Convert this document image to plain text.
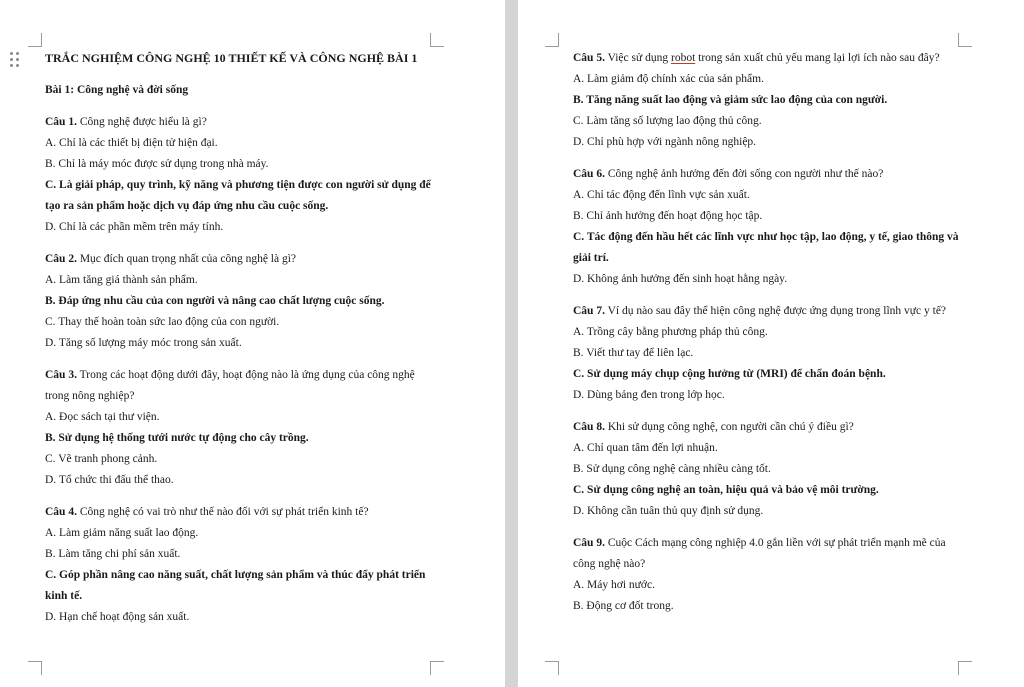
TRẮC NGHIỆM CÔNG NGHỆ 10 THIẾT KẾ VÀ CÔNG NGHỆ BÀI 1
Bài 1: Công nghệ và đời sống
Câu 1. Công nghệ được hiểu là gì?
A. Chỉ là các thiết bị điện tử hiện đại.
B. Chỉ là máy móc được sử dụng trong nhà máy.
C. Là giải pháp, quy trình, kỹ năng và phương tiện được con người sử dụng để tạo ra sản phẩm hoặc dịch vụ đáp ứng nhu cầu cuộc sống.
D. Chỉ là các phần mềm trên máy tính.
Câu 2. Mục đích quan trọng nhất của công nghệ là gì?
A. Làm tăng giá thành sản phẩm.
B. Đáp ứng nhu cầu của con người và nâng cao chất lượng cuộc sống.
C. Thay thế hoàn toàn sức lao động của con người.
D. Tăng số lượng máy móc trong sản xuất.
Câu 3. Trong các hoạt động dưới đây, hoạt động nào là ứng dụng của công nghệ trong nông nghiệp?
A. Đọc sách tại thư viện.
B. Sử dụng hệ thống tưới nước tự động cho cây trồng.
C. Vẽ tranh phong cảnh.
D. Tổ chức thi đấu thể thao.
Câu 4. Công nghệ có vai trò như thế nào đối với sự phát triển kinh tế?
A. Làm giảm năng suất lao động.
B. Làm tăng chi phí sản xuất.
C. Góp phần nâng cao năng suất, chất lượng sản phẩm và thúc đẩy phát triển kinh tế.
D. Hạn chế hoạt động sản xuất.
Câu 5. Việc sử dụng robot trong sản xuất chủ yếu mang lại lợi ích nào sau đây?
A. Làm giảm độ chính xác của sản phẩm.
B. Tăng năng suất lao động và giảm sức lao động của con người.
C. Làm tăng số lượng lao động thủ công.
D. Chỉ phù hợp với ngành nông nghiệp.
Câu 6. Công nghệ ảnh hưởng đến đời sống con người như thế nào?
A. Chỉ tác động đến lĩnh vực sản xuất.
B. Chỉ ảnh hưởng đến hoạt động học tập.
C. Tác động đến hầu hết các lĩnh vực như học tập, lao động, y tế, giao thông và giải trí.
D. Không ảnh hưởng đến sinh hoạt hằng ngày.
Câu 7. Ví dụ nào sau đây thể hiện công nghệ được ứng dụng trong lĩnh vực y tế?
A. Trồng cây bằng phương pháp thủ công.
B. Viết thư tay để liên lạc.
C. Sử dụng máy chụp cộng hưởng từ (MRI) để chẩn đoán bệnh.
D. Dùng bảng đen trong lớp học.
Câu 8. Khi sử dụng công nghệ, con người cần chú ý điều gì?
A. Chỉ quan tâm đến lợi nhuận.
B. Sử dụng công nghệ càng nhiều càng tốt.
C. Sử dụng công nghệ an toàn, hiệu quả và bảo vệ môi trường.
D. Không cần tuân thủ quy định sử dụng.
Câu 9. Cuộc Cách mạng công nghiệp 4.0 gắn liền với sự phát triển mạnh mẽ của công nghệ nào?
A. Máy hơi nước.
B. Động cơ đốt trong.
